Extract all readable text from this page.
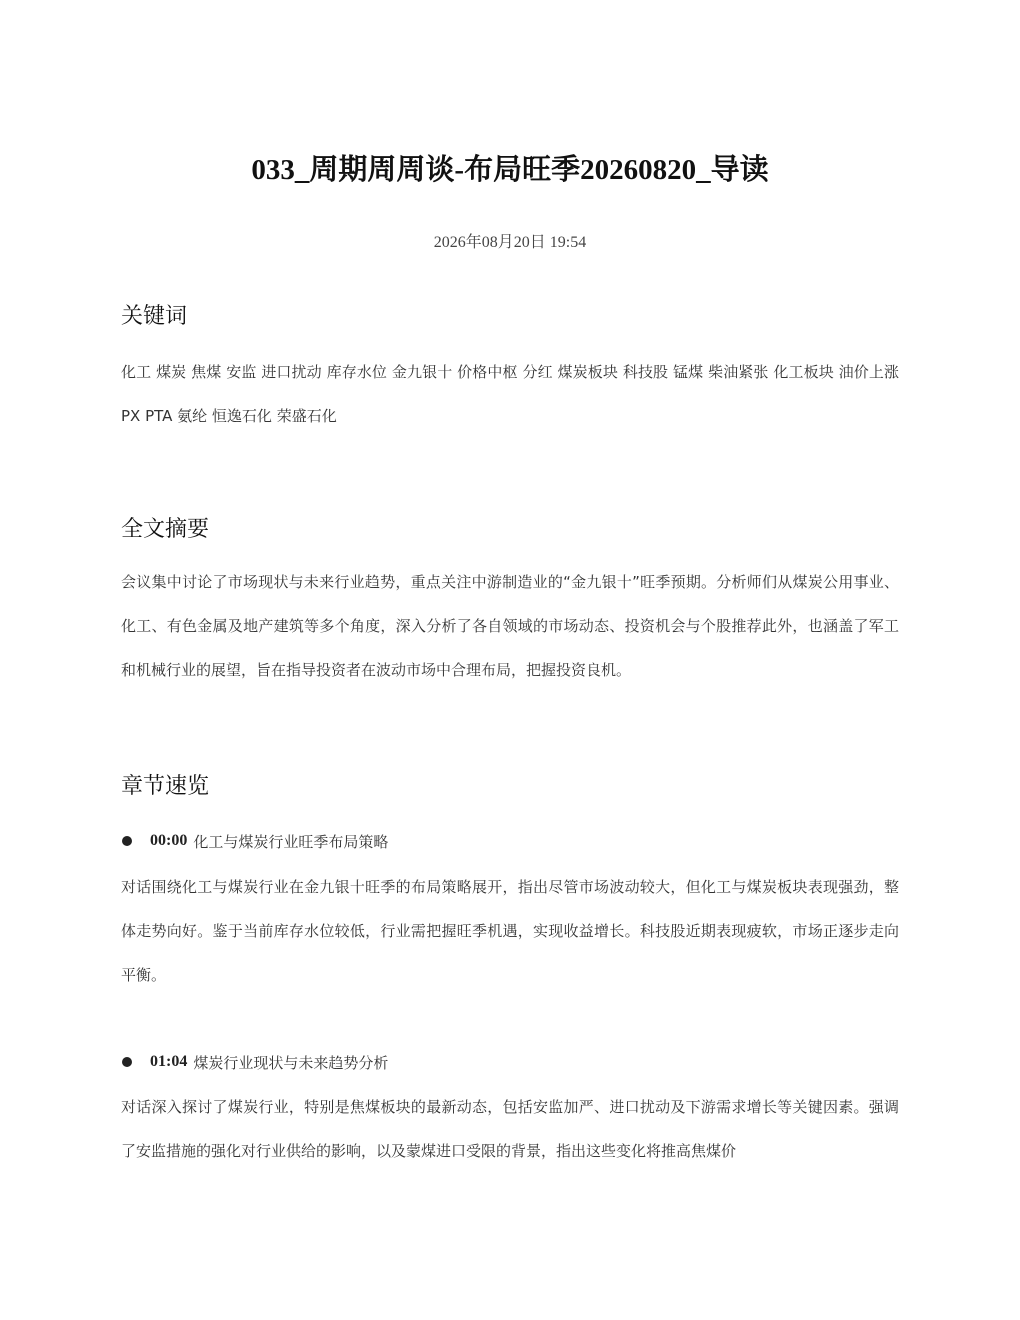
033_周期周周谈-布局旺季20260820_导读
2026年08月20日 19:54
关键词
化工 煤炭 焦煤 安监 进口扰动 库存水位 金九银十 价格中枢 分红 煤炭板块 科技股 锰煤 柴油紧张 化工板块 油价上涨 PX PTA 氨纶 恒逸石化 荣盛石化
全文摘要
会议集中讨论了市场现状与未来行业趋势，重点关注中游制造业的“金九银十”旺季预期。分析师们从煤炭公用事业、化工、有色金属及地产建筑等多个角度，深入分析了各自领域的市场动态、投资机会与个股推荐此外，也涵盖了军工和机械行业的展望，旨在指导投资者在波动市场中合理布局，把握投资良机。
章节速览
00:00 化工与煤炭行业旺季布局策略
对话围绕化工与煤炭行业在金九银十旺季的布局策略展开，指出尽管市场波动较大，但化工与煤炭板块表现强劲，整体走势向好。鉴于当前库存水位较低，行业需把握旺季机遇，实现收益增长。科技股近期表现疲软，市场正逐步走向平衡。
01:04 煤炭行业现状与未来趋势分析
对话深入探讨了煤炭行业，特别是焦煤板块的最新动态，包括安监加严、进口扰动及下游需求增长等关键因素。强调了安监措施的强化对行业供给的影响，以及蒙煤进口受限的背景，指出这些变化将推高焦煤价
